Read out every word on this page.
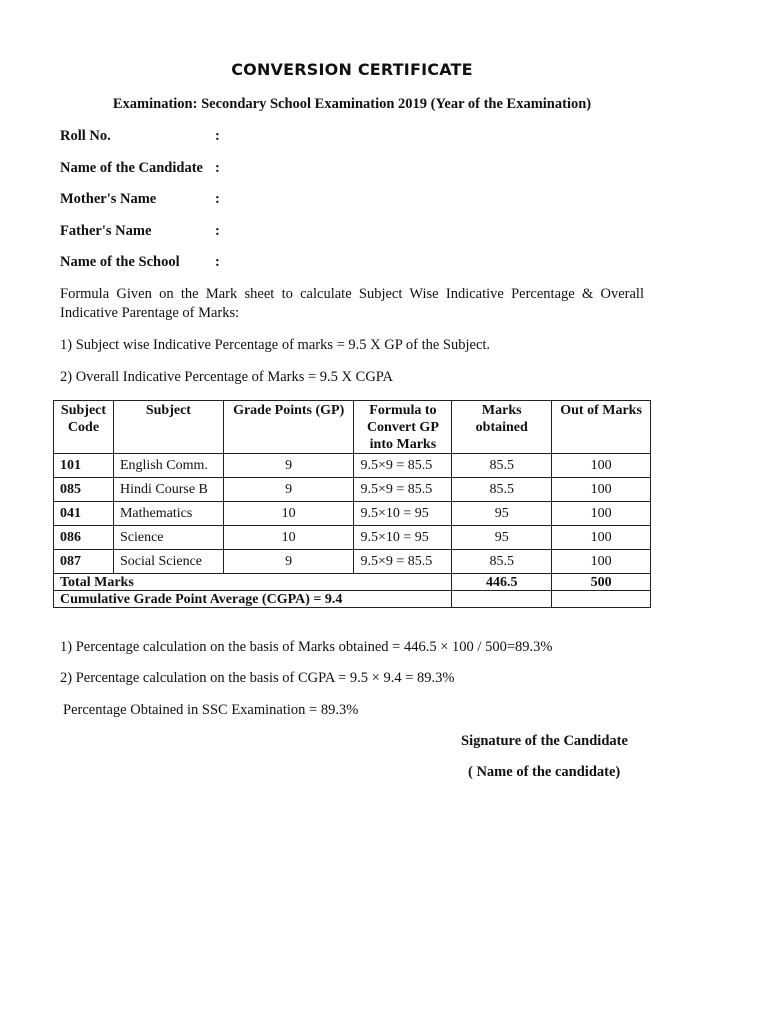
CONVERSION CERTIFICATE
Examination: Secondary School Examination 2019 (Year of the Examination)
Roll No.	:
Name of the Candidate :
Mother's Name	:
Father's Name	:
Name of the School :
Formula Given on the Mark sheet to calculate Subject Wise Indicative Percentage & Overall Indicative Parentage of Marks:
1) Subject wise Indicative Percentage of marks = 9.5 X GP of the Subject.
2) Overall Indicative Percentage of Marks = 9.5 X CGPA
Subject Code	Subject	Grade Points (GP)	Formula to Convert GP into Marks	Marks obtained	Out of Marks
101	English Comm.	9	9.5×9 = 85.5	85.5	100
085	Hindi Course B	9	9.5×9 = 85.5	85.5	100
041	Mathematics	10	9.5×10 = 95	95	100
086	Science	10	9.5×10 = 95	95	100
087	Social Science	9	9.5×9 = 85.5	85.5	100
Total Marks				446.5	500
Cumulative Grade Point Average (CGPA) = 9.4					
1) Percentage calculation on the basis of Marks obtained = 446.5 × 100 / 500=89.3%
2) Percentage calculation on the basis of CGPA = 9.5 × 9.4 = 89.3%
Percentage Obtained in SSC Examination = 89.3%
Signature of the Candidate
( Name of the candidate)
